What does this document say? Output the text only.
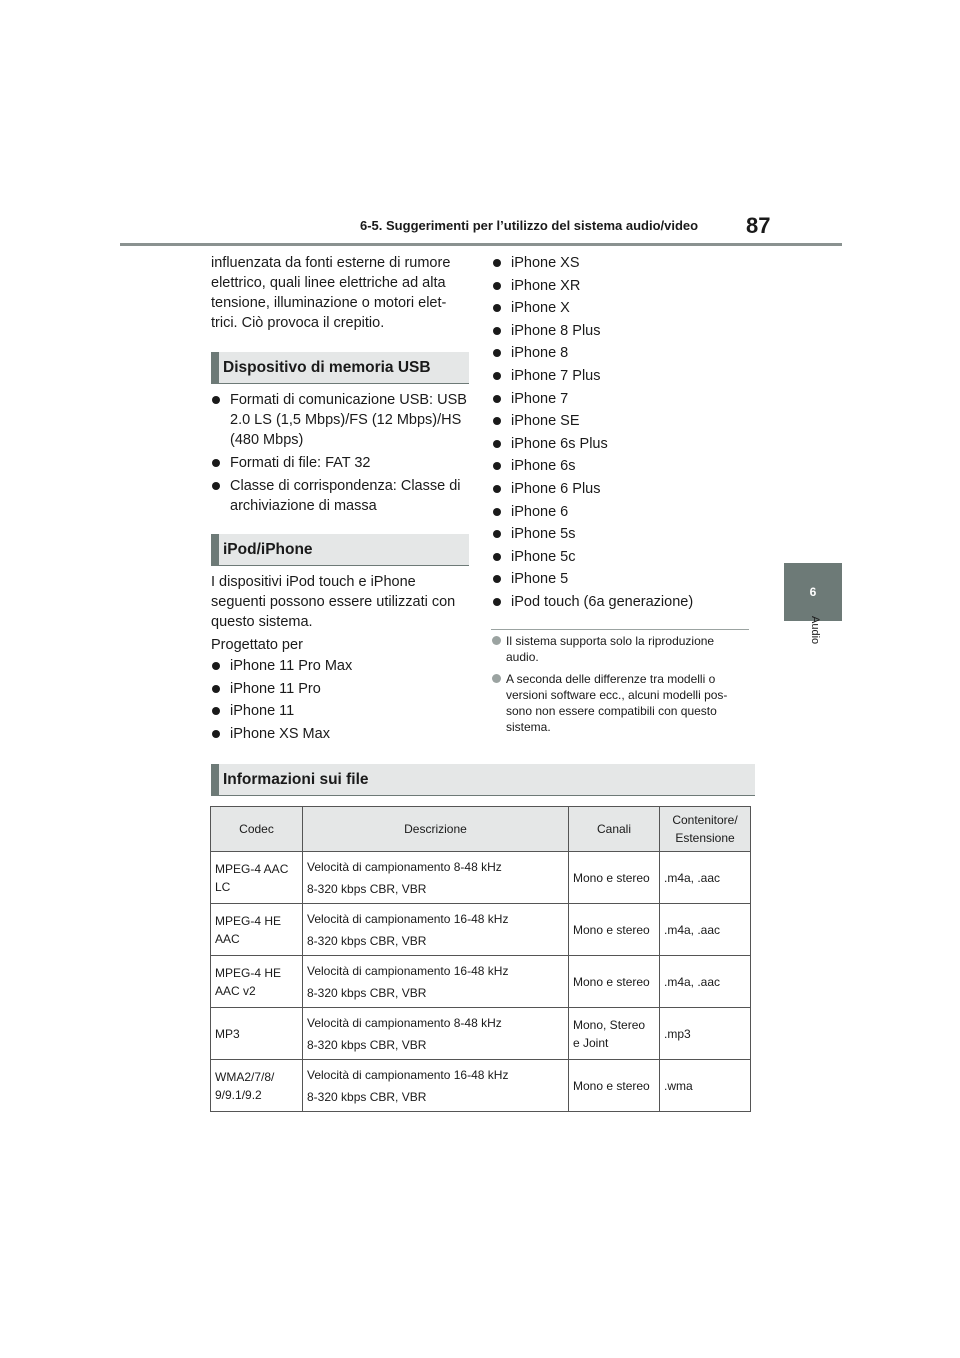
6-5. Suggerimenti per l’utilizzo del sistema audio/video 87
6
Audio
influenzata da fonti esterne di rumore
elettrico, quali linee elettriche ad alta
tensione, illuminazione o motori elet-
trici. Ciò provoca il crepitio.
Dispositivo di memoria USB
Formati di comunicazione USB: USB
2.0 LS (1,5 Mbps)/FS (12 Mbps)/HS
(480 Mbps)
Formati di file: FAT 32
Classe di corrispondenza: Classe di
archiviazione di massa
iPod/iPhone
I dispositivi iPod touch e iPhone
seguenti possono essere utilizzati con
questo sistema.
Progettato per
iPhone 11 Pro Max
iPhone 11 Pro
iPhone 11
iPhone XS Max
iPhone XS
iPhone XR
iPhone X
iPhone 8 Plus
iPhone 8
iPhone 7 Plus
iPhone 7
iPhone SE
iPhone 6s Plus
iPhone 6s
iPhone 6 Plus
iPhone 6
iPhone 5s
iPhone 5c
iPhone 5
iPod touch (6a generazione)
Il sistema supporta solo la riproduzione
audio.
A seconda delle differenze tra modelli o
versioni software ecc., alcuni modelli pos-
sono non essere compatibili con questo
sistema.
Informazioni sui file
Codec	Descrizione	Canali	Contenitore/
Estensione

MPEG-4 AAC
LC	Velocità di campionamento 8-48 kHz
8-320 kbps CBR, VBR	Mono e stereo	.m4a, .aac

MPEG-4 HE
AAC	Velocità di campionamento 16-48 kHz
8-320 kbps CBR, VBR	Mono e stereo	.m4a, .aac

MPEG-4 HE
AAC v2	Velocità di campionamento 16-48 kHz
8-320 kbps CBR, VBR	Mono e stereo	.m4a, .aac

MP3	Velocità di campionamento 8-48 kHz
8-320 kbps CBR, VBR	Mono, Stereo
e Joint	.mp3

WMA2/7/8/
9/9.1/9.2	Velocità di campionamento 16-48 kHz
8-320 kbps CBR, VBR	Mono e stereo	.wma
